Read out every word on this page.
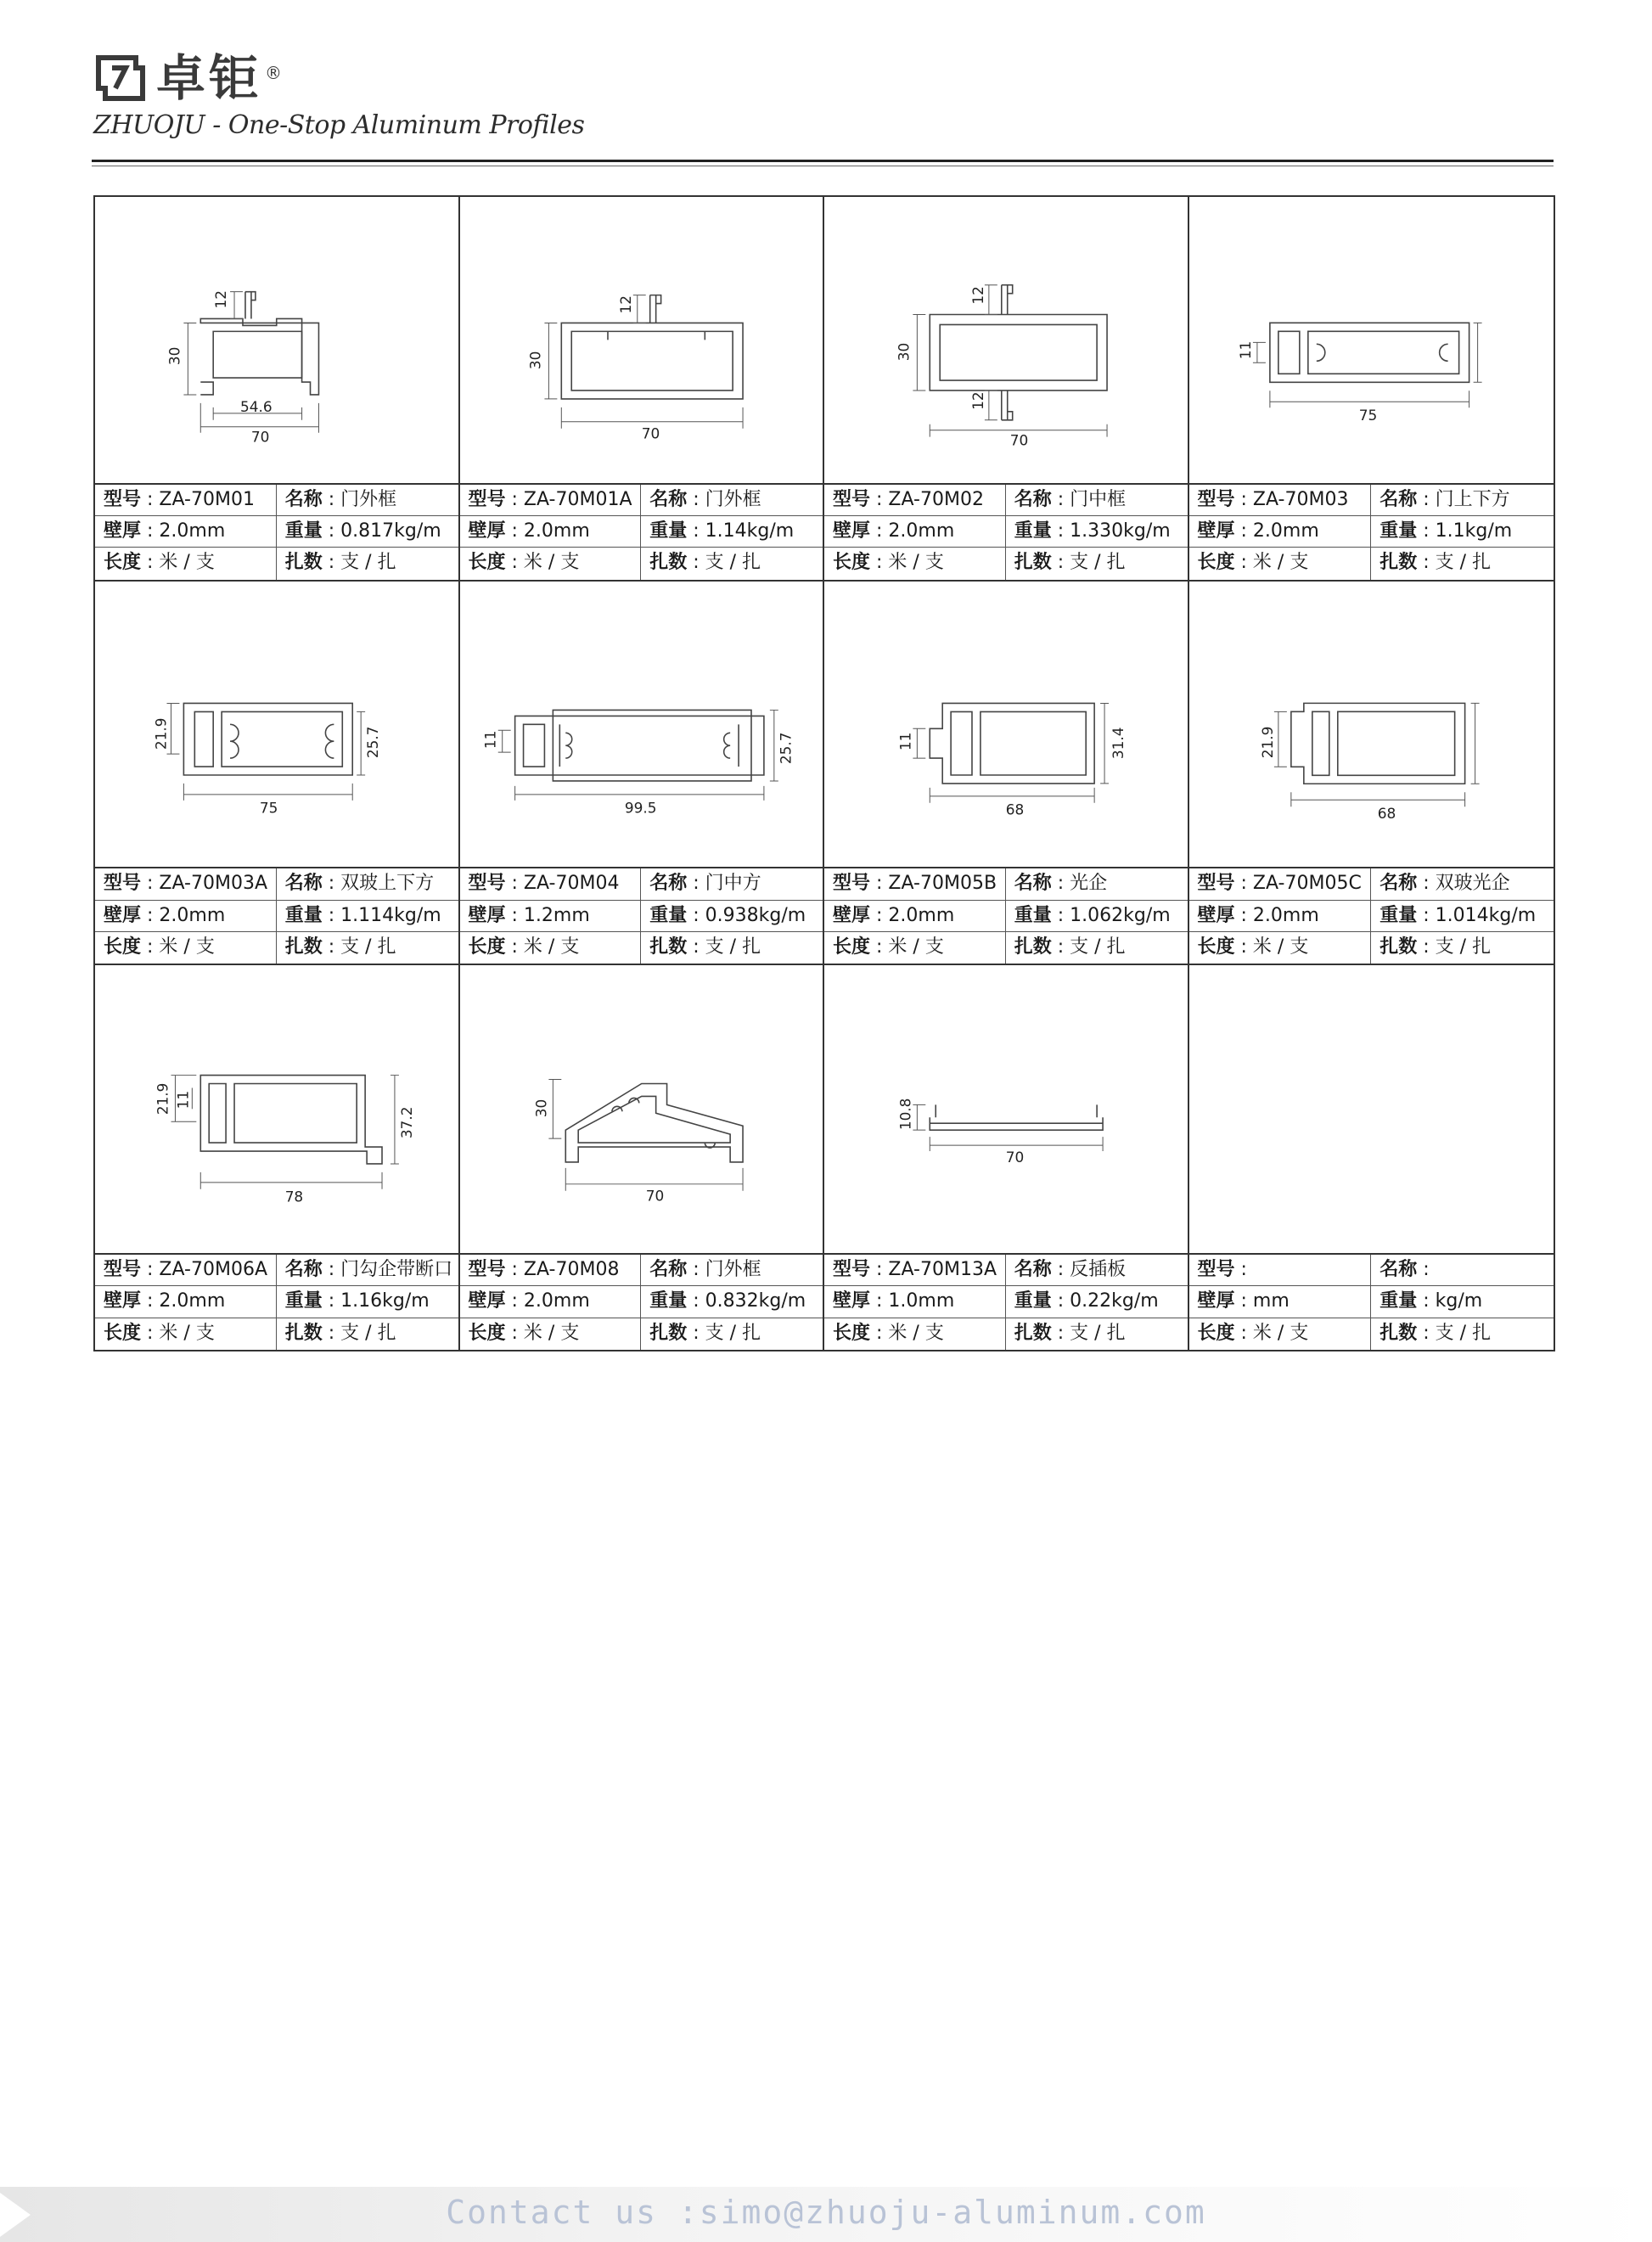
卓钜 ®
ZHUOJU - One-Stop Aluminum Profiles
12
30
54.6
70
型号 : ZA-70M01	名称 : 门外框
壁厚 : 2.0mm	重量 : 0.817kg/m
长度 : 米 / 支	扎数 : 支 / 扎
12
30
70
型号 : ZA-70M01A 名称 : 门外框
壁厚 : 2.0mm	重量 : 1.14kg/m
长度 : 米 / 支	扎数 : 支 / 扎
12
30
12
70
型号 : ZA-70M02	名称 : 门中框
壁厚 : 2.0mm	重量 : 1.330kg/m
长度 : 米 / 支	扎数 : 支 / 扎
11
75
型号 : ZA-70M03	名称 : 门上下方
壁厚 : 2.0mm	重量 : 1.1kg/m
长度 : 米 / 支	扎数 : 支 / 扎
21.9	25.7
75
型号 : ZA-70M03A 名称 : 双玻上下方
壁厚 : 2.0mm	重量 : 1.114kg/m
长度 : 米 / 支	扎数 : 支 / 扎
11	25.7
99.5
型号 : ZA-70M04	名称 : 门中方
壁厚 : 1.2mm	重量 : 0.938kg/m
长度 : 米 / 支	扎数 : 支 / 扎
11	31.4
68
型号 : ZA-70M05B 名称 : 光企
壁厚 : 2.0mm	重量 : 1.062kg/m
长度 : 米 / 支	扎数 : 支 / 扎
21.9
68
型号 : ZA-70M05C 名称 : 双玻光企
壁厚 : 2.0mm	重量 : 1.014kg/m
长度 : 米 / 支	扎数 : 支 / 扎
21.9 11
37.2
78
型号 : ZA-70M06A 名称 : 门勾企带断口
壁厚 : 2.0mm	重量 : 1.16kg/m
长度 : 米 / 支	扎数 : 支 / 扎
30
70
型号 : ZA-70M08	名称 : 门外框
壁厚 : 2.0mm	重量 : 0.832kg/m
长度 : 米 / 支	扎数 : 支 / 扎
10.8
70
型号 : ZA-70M13A 名称 : 反插板
壁厚 : 1.0mm	重量 : 0.22kg/m
长度 : 米 / 支	扎数 : 支 / 扎
型号 :	名称 :
壁厚 : mm	重量 : kg/m
长度 : 米 / 支	扎数 : 支 / 扎
Contact us :simo@zhuoju-aluminum.com
